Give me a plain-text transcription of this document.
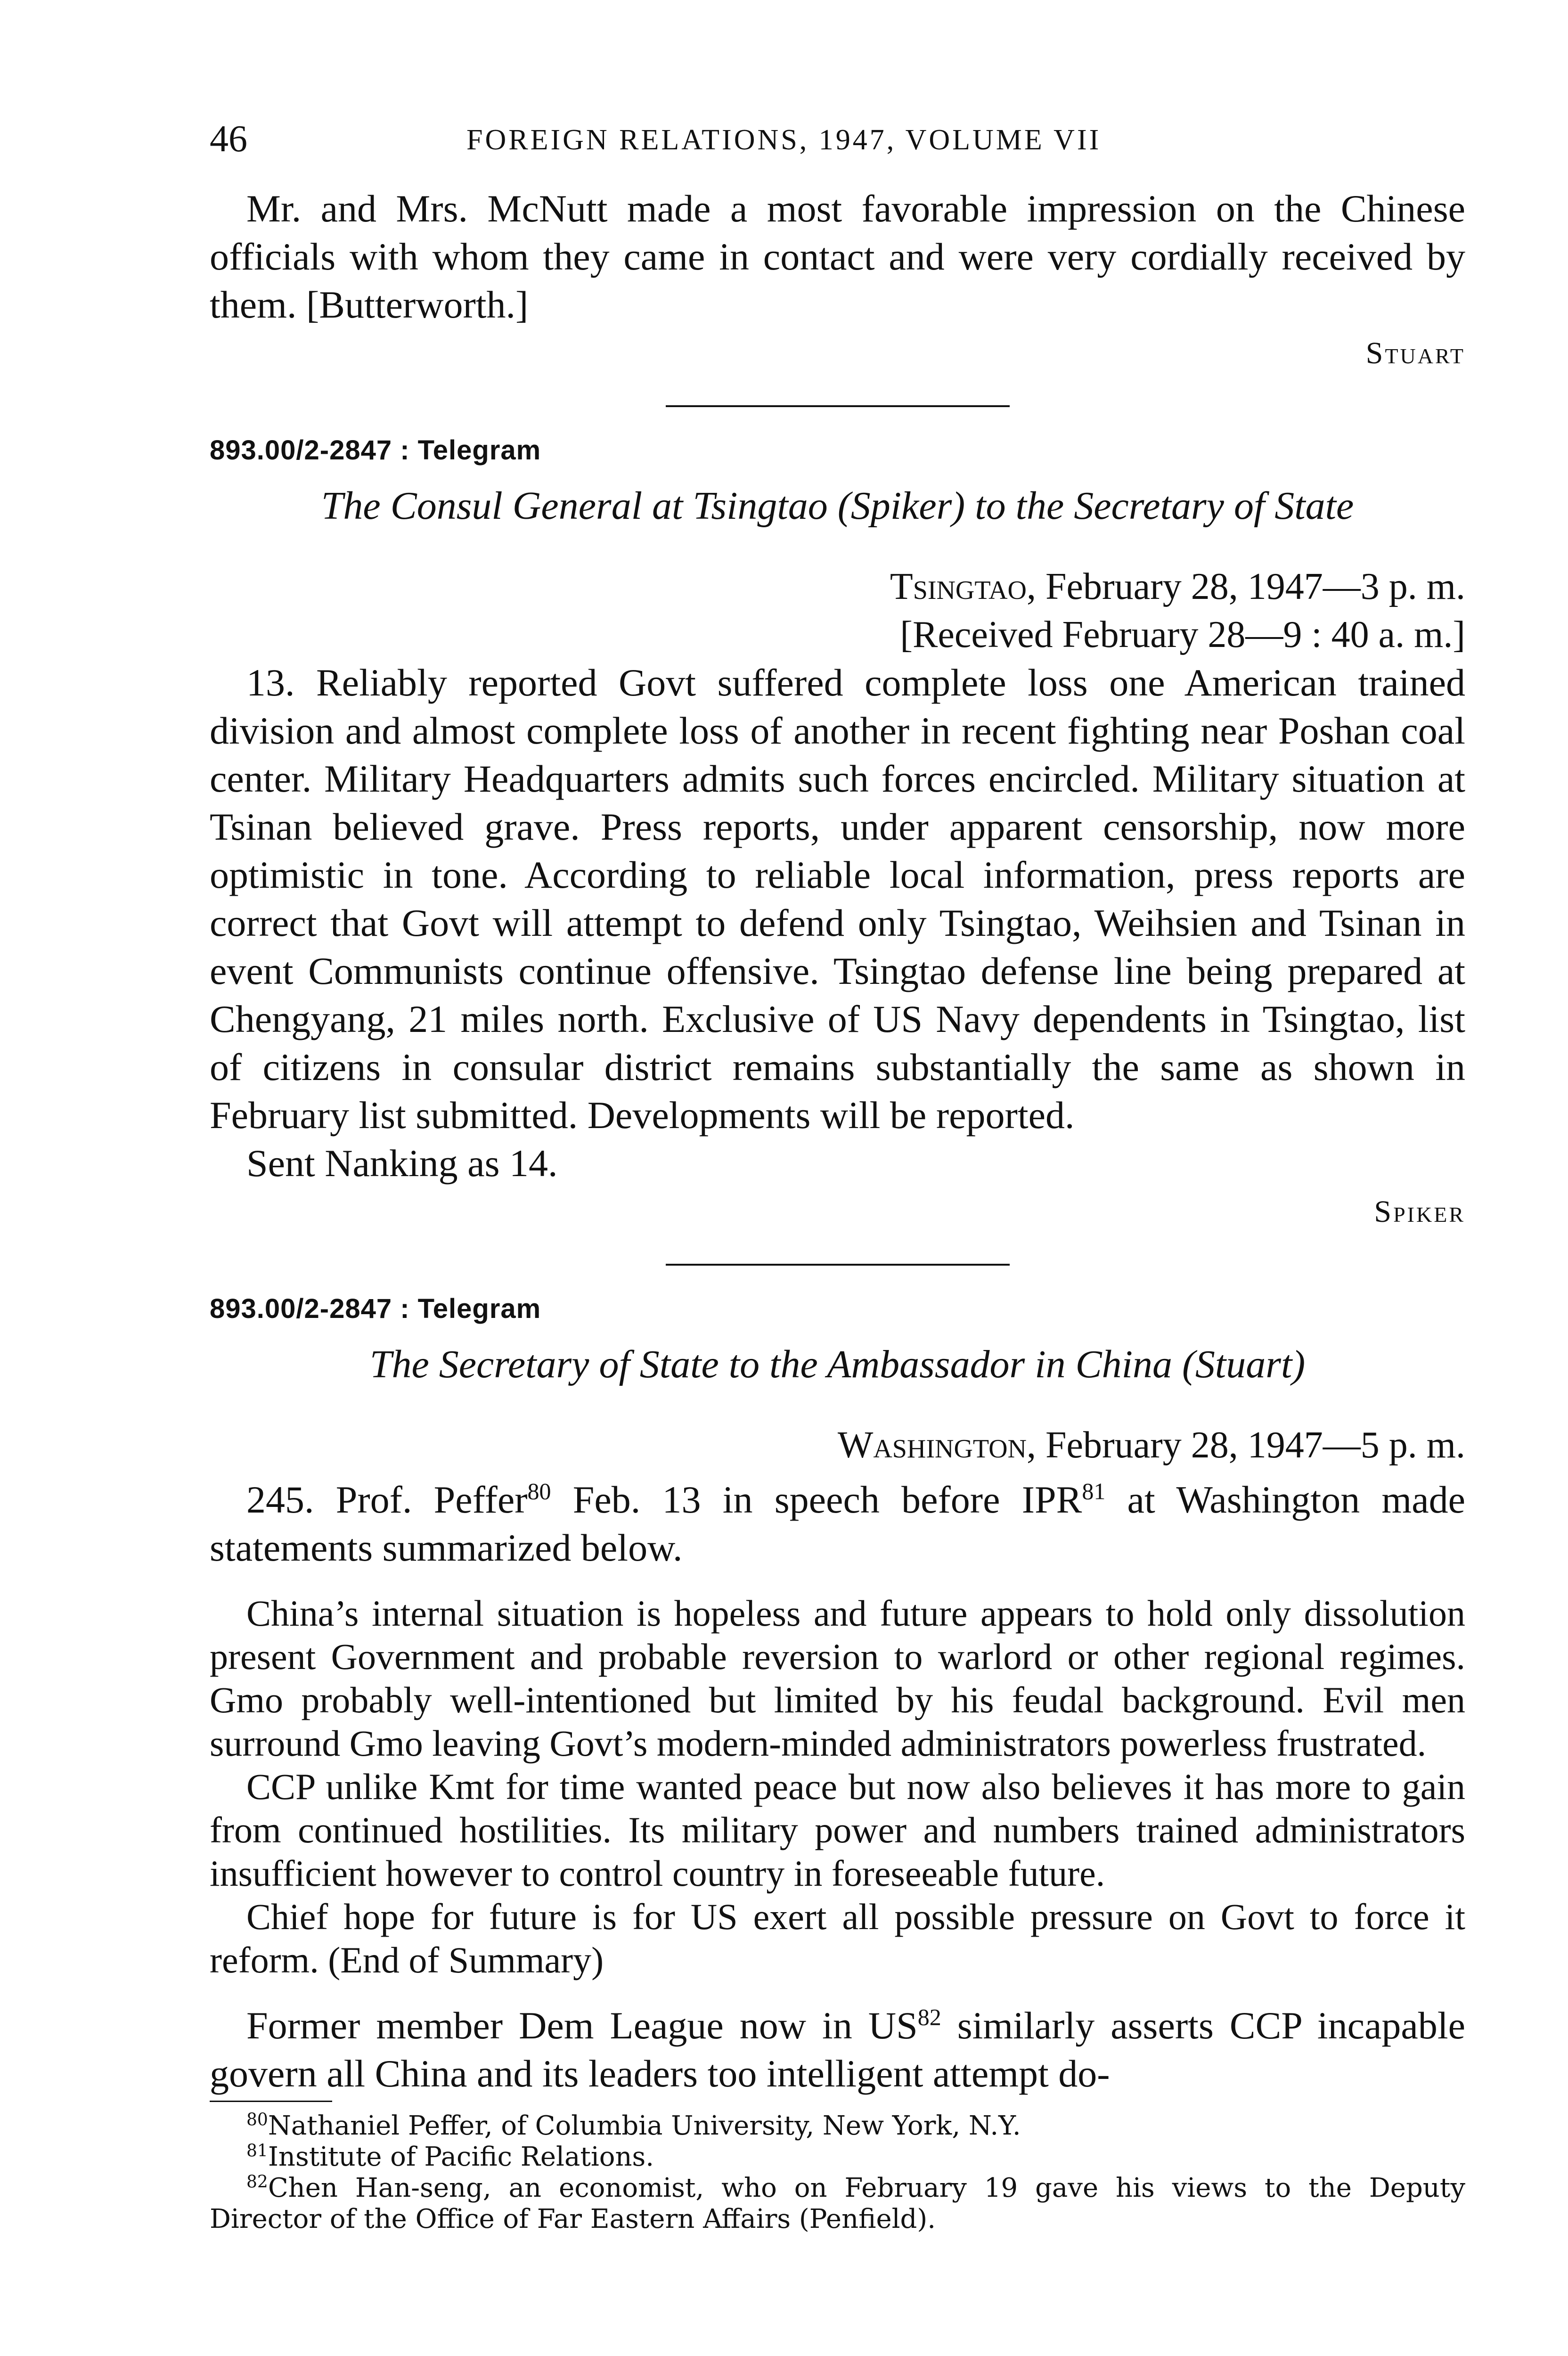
46	FOREIGN RELATIONS, 1947, VOLUME VII

Mr. and Mrs. McNutt made a most favorable impression on the Chinese officials with whom they came in contact and were very cordially received by them. [Butterworth.]

Stuart
893.00/2-2847 : Telegram
The Consul General at Tsingtao (Spiker) to the Secretary of State
Tsingtao, February 28, 1947—3 p. m.
[Received February 28—9 : 40 a. m.]

13. Reliably reported Govt suffered complete loss one American trained division and almost complete loss of another in recent fighting near Poshan coal center. Military Headquarters admits such forces encircled. Military situation at Tsinan believed grave. Press reports, under apparent censorship, now more optimistic in tone. According to reliable local information, press reports are correct that Govt will attempt to defend only Tsingtao, Weihsien and Tsinan in event Communists continue offensive. Tsingtao defense line being prepared at Chengyang, 21 miles north. Exclusive of US Navy dependents in Tsingtao, list of citizens in consular district remains substantially the same as shown in February list submitted. Developments will be reported.

Sent Nanking as 14.

Spiker
893.00/2-2847 : Telegram
The Secretary of State to the Ambassador in China (Stuart)
Washington, February 28, 1947—5 p. m.

245. Prof. Peffer$^{80}$ Feb. 13 in speech before IPR$^{81}$ at Washington made statements summarized below.

China’s internal situation is hopeless and future appears to hold only dissolution present Government and probable reversion to warlord or other regional regimes. Gmo probably well-intentioned but limited by his feudal background. Evil men surround Gmo leaving Govt’s modern-minded administrators powerless frustrated.

CCP unlike Kmt for time wanted peace but now also believes it has more to gain from continued hostilities. Its military power and numbers trained administrators insufficient however to control country in foreseeable future.

Chief hope for future is for US exert all possible pressure on Govt to force it reform. (End of Summary)

Former member Dem League now in US$^{82}$ similarly asserts CCP incapable govern all China and its leaders too intelligent attempt do-

$^{80}$Nathaniel Peffer, of Columbia University, New York, N.Y.

$^{81}$Institute of Pacific Relations.

$^{82}$Chen Han-seng, an economist, who on February 19 gave his views to the Deputy Director of the Office of Far Eastern Affairs (Penfield).
